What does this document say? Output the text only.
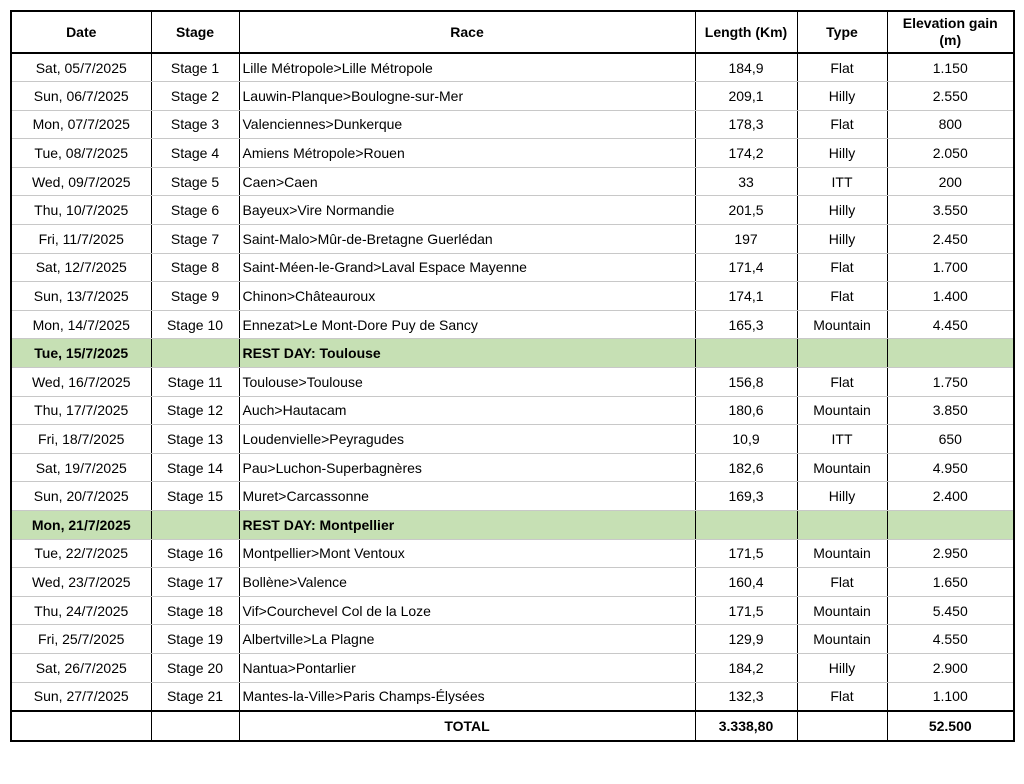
Date	Stage	Race	Length (Km)	Type	Elevation gain (m)
Sat, 05/7/2025	Stage 1	Lille Métropole>Lille Métropole	184,9	Flat	1.150
Sun, 06/7/2025	Stage 2	Lauwin-Planque>Boulogne-sur-Mer	209,1	Hilly	2.550
Mon, 07/7/2025	Stage 3	Valenciennes>Dunkerque	178,3	Flat	800
Tue, 08/7/2025	Stage 4	Amiens Métropole>Rouen	174,2	Hilly	2.050
Wed, 09/7/2025	Stage 5	Caen>Caen	33	ITT	200
Thu, 10/7/2025	Stage 6	Bayeux>Vire Normandie	201,5	Hilly	3.550
Fri, 11/7/2025	Stage 7	Saint-Malo>Mûr-de-Bretagne Guerlédan	197	Hilly	2.450
Sat, 12/7/2025	Stage 8	Saint-Méen-le-Grand>Laval Espace Mayenne	171,4	Flat	1.700
Sun, 13/7/2025	Stage 9	Chinon>Châteauroux	174,1	Flat	1.400
Mon, 14/7/2025	Stage 10	Ennezat>Le Mont-Dore Puy de Sancy	165,3	Mountain	4.450
Tue, 15/7/2025		REST DAY: Toulouse			
Wed, 16/7/2025	Stage 11	Toulouse>Toulouse	156,8	Flat	1.750
Thu, 17/7/2025	Stage 12	Auch>Hautacam	180,6	Mountain	3.850
Fri, 18/7/2025	Stage 13	Loudenvielle>Peyragudes	10,9	ITT	650
Sat, 19/7/2025	Stage 14	Pau>Luchon-Superbagnères	182,6	Mountain	4.950
Sun, 20/7/2025	Stage 15	Muret>Carcassonne	169,3	Hilly	2.400
Mon, 21/7/2025		REST DAY: Montpellier			
Tue, 22/7/2025	Stage 16	Montpellier>Mont Ventoux	171,5	Mountain	2.950
Wed, 23/7/2025	Stage 17	Bollène>Valence	160,4	Flat	1.650
Thu, 24/7/2025	Stage 18	Vif>Courchevel Col de la Loze	171,5	Mountain	5.450
Fri, 25/7/2025	Stage 19	Albertville>La Plagne	129,9	Mountain	4.550
Sat, 26/7/2025	Stage 20	Nantua>Pontarlier	184,2	Hilly	2.900
Sun, 27/7/2025	Stage 21	Mantes-la-Ville>Paris Champs-Élysées	132,3	Flat	1.100
		TOTAL	3.338,80		52.500
